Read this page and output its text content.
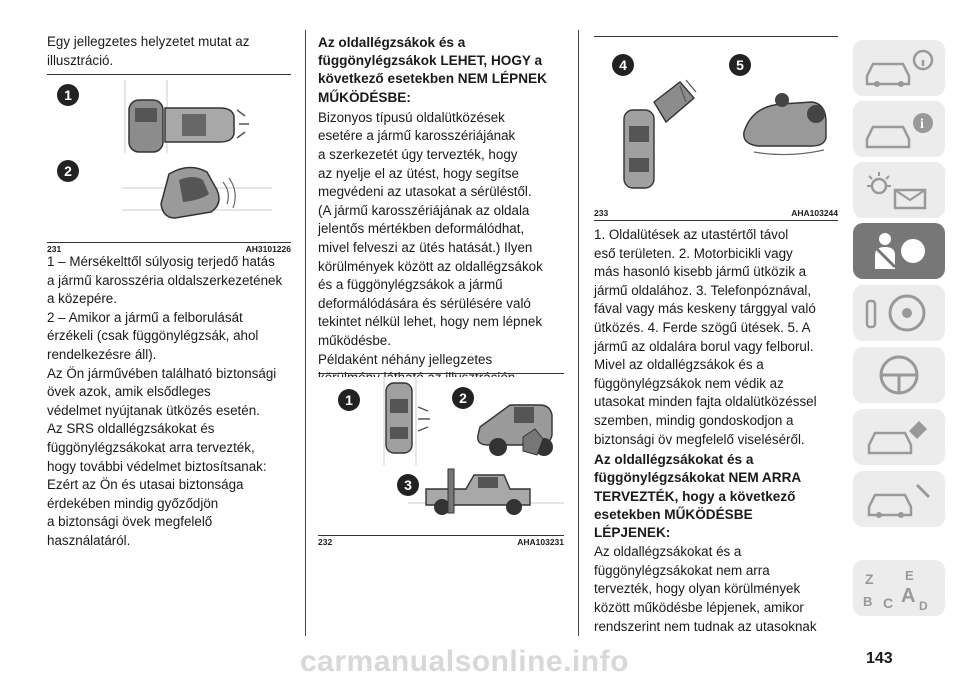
Egy jellegzetes helyzetet mutat az
illusztráció.

1
2
231	AH3101226

1 – Mérsékelttől súlyosig terjedő hatás
a jármű karosszéria oldalszerkezetének
a közepére.
2 – Amikor a jármű a felborulását
érzékeli (csak függönylégzsák, ahol
rendelkezésre áll).
Az Ön járművében található biztonsági
övek azok, amik elsődleges
védelmet nyújtanak ütközés esetén.
Az SRS oldallégzsákokat és
függönylégzsákokat arra tervezték,
hogy további védelmet biztosítsanak:
Ezért az Ön és utasai biztonsága
érdekében mindig győződjön
a biztonsági övek megfelelő
használatáról.

Az oldallégzsákok és a
függönylégzsákok LEHET, HOGY a
következő esetekben NEM LÉPNEK
MŰKÖDÉSBE:

Bizonyos típusú oldalütközések
esetére a jármű karosszériájának
a szerkezetét úgy tervezték, hogy
az nyelje el az ütést, hogy segítse
megvédeni az utasokat a sérüléstől.
(A jármű karosszériájának az oldala
jelentős mértékben deformálódhat,
mivel felveszi az ütés hatását.) Ilyen
körülmények között az oldallégzsákok
és a függönylégzsákok a jármű
deformálódására és sérülésére való
tekintet nélkül lehet, hogy nem lépnek
működésbe.
Példaként néhány jellegzetes

1	2
3
232	AHA103231
4	5
233	AHA103244

1. Oldalütések az utastértől távol
eső területen. 2. Motorbicikli vagy
más hasonló kisebb jármű ütközik a
jármű oldalához. 3. Telefonpóznával,
fával vagy más keskeny tárggyal való
ütközés. 4. Ferde szögű ütések. 5. A
jármű az oldalára borul vagy felborul.
Mivel az oldallégzsákok és a
függönylégzsákok nem védik az
utasokat minden fajta oldalütközéssel
szemben, mindig gondoskodjon a
biztonsági öv megfelelő viseléséről.

Az oldallégzsákokat és a
függönylégzsákokat NEM ARRA
TERVEZTÉK, hogy a következő
esetekben MŰKÖDÉSBE
LÉPJENEK:

Az oldallégzsákokat és a
függönylégzsákokat nem arra
tervezték, hogy olyan körülmények
között működésbe lépjenek, amikor
rendszerint nem tudnak az utasoknak

i
Z E
B C A D
143
carmanualsonline.info
